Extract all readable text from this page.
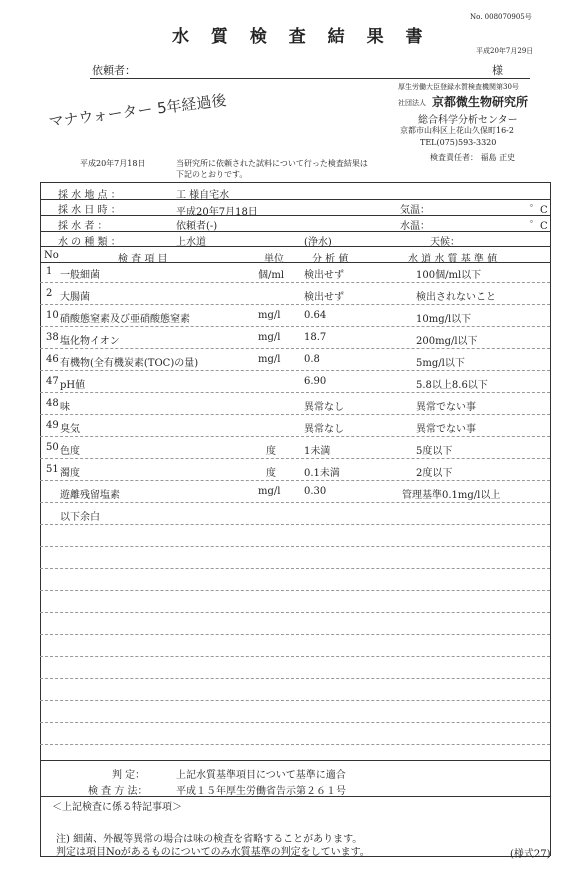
No. 008070905号
水 質 検 査 結 果 書
平成20年7月29日
依頼者：	様
マナウォーター 5年経過後
厚生労働大臣登録水質検査機関第30号
社団法人 京都微生物研究所
総合科学分析センター
京都市山科区上花山久保町16-2
TEL(075)593-3320
検査責任者： 福島 正史
平成20年7月18日	当研究所に依頼された試料について行った検査結果は
下記のとおりです。
採 水 地 点 ：	工 様自宅水
採 水 日 時 ：	平成20年7月18日	気温：	゜C
採 水 者 ：	依頼者(-)	水温：	゜C
水 の 種 類 ：	上水道	(浄水)	天候：
No	検 査 項 目	単位	分 析 値	水 道 水 質 基 準 値
1 一般細菌	個/ml 検出せず	100個/ml以下
2 大腸菌	検出せず	検出されないこと
10 硝酸態窒素及び亜硝酸態窒素	mg/l 0.64	10mg/l以下
38 塩化物イオン	mg/l 18.7	200mg/l以下
46 有機物(全有機炭素(TOC)の量)	mg/l 0.8	5mg/l以下
47 pH値	6.90	5.8以上8.6以下
48 味	異常なし	異常でない事
49 臭気	異常なし	異常でない事
50 色度	度	1未満	5度以下
51 濁度	度	0.1未満	2度以下
遊離残留塩素	mg/l 0.30	管理基準0.1mg/l以上
以下余白
判 定：	上記水質基準項目について基準に適合
検 査 方 法：	平成１５年厚生労働省告示第２６１号
＜上記検査に係る特記事項＞
注) 細菌、外観等異常の場合は味の検査を省略することがあります。
判定は項目Noがあるものについてのみ水質基準の判定をしています。	(様式27)
